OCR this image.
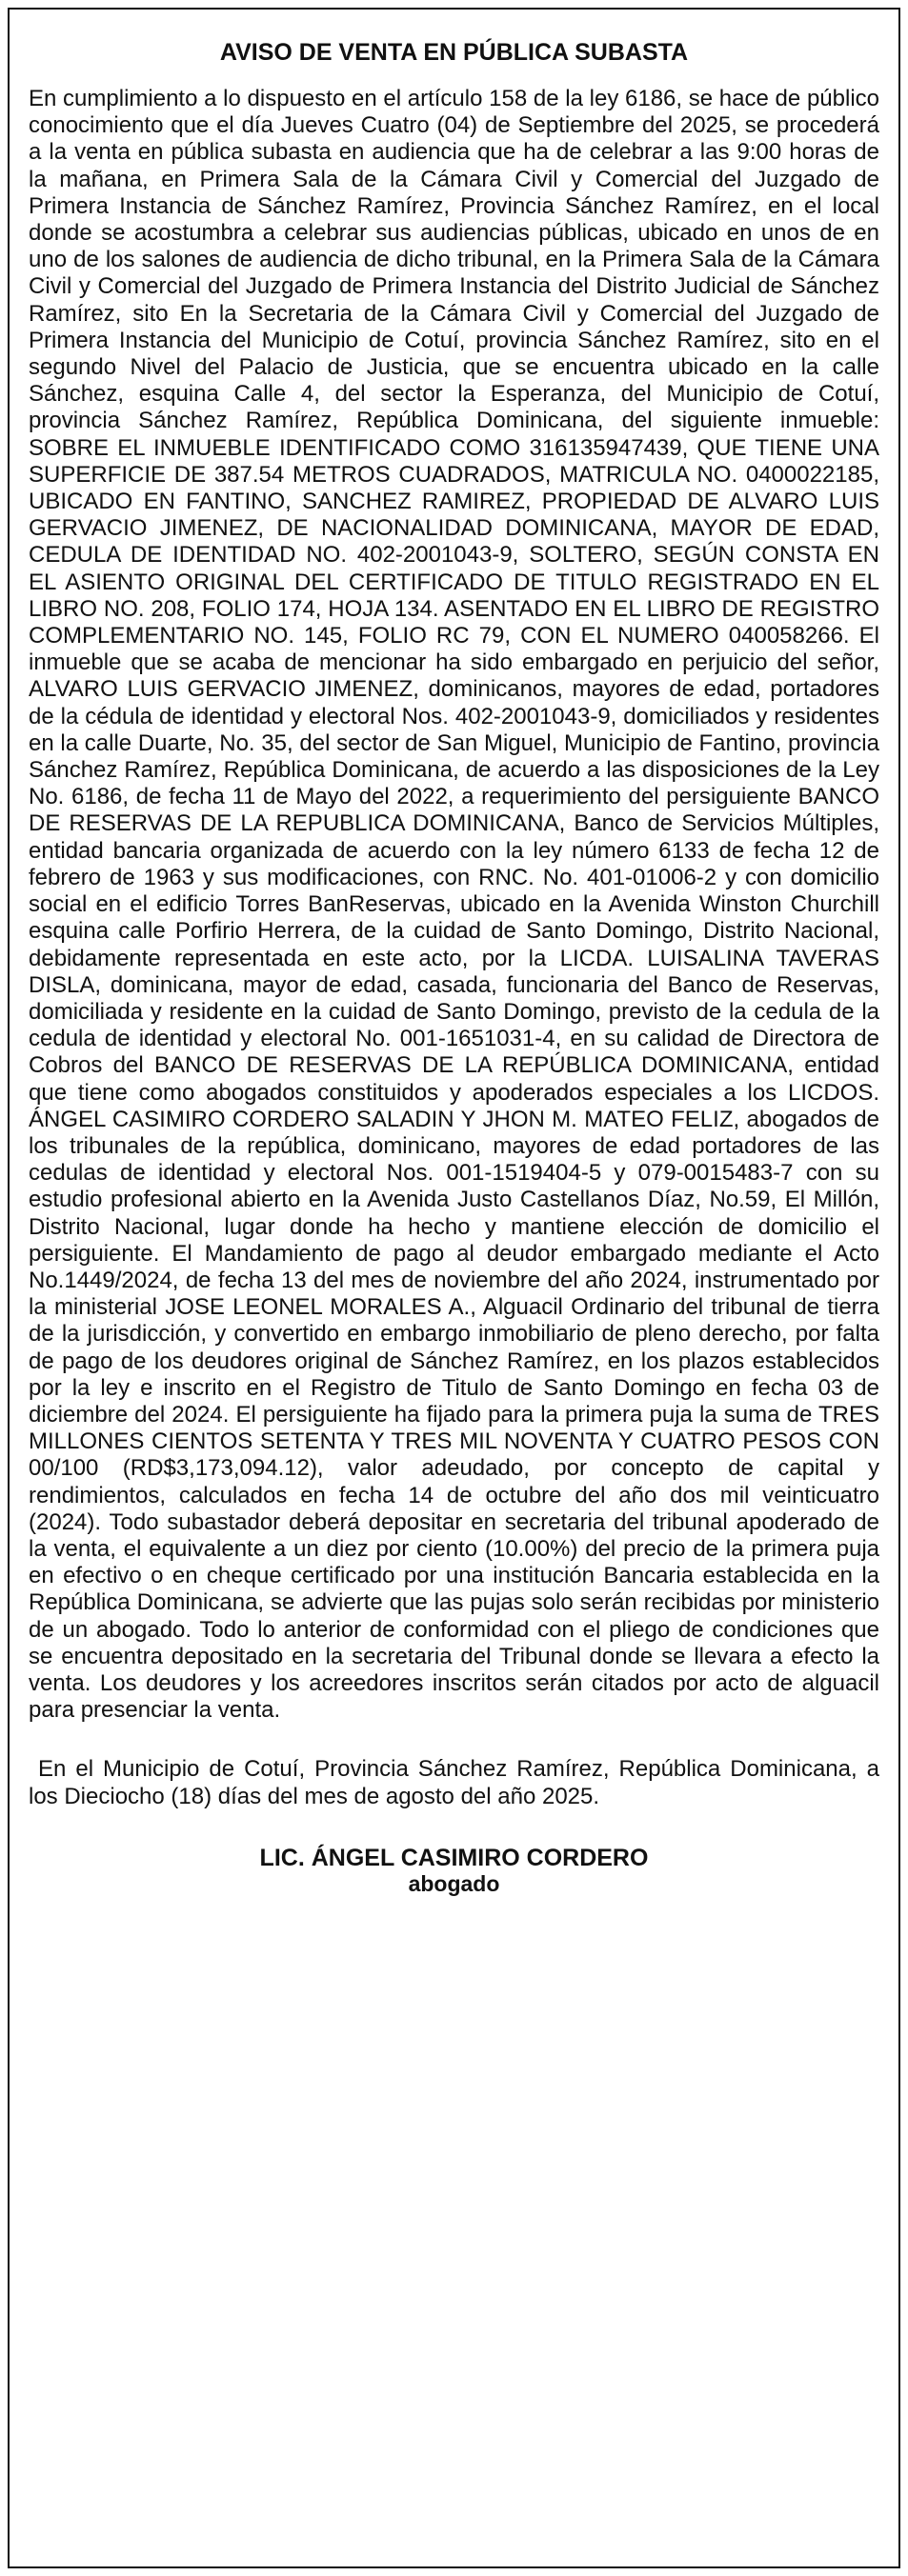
AVISO DE VENTA EN PÚBLICA SUBASTA

En cumplimiento a lo dispuesto en el artículo 158 de la ley 6186, se hace de público conocimiento que el día Jueves Cuatro (04) de Septiembre del 2025, se procederá a la venta en pública subasta en audiencia que ha de celebrar a las 9:00 horas de la mañana, en Primera Sala de la Cámara Civil y Comercial del Juzgado de Primera Instancia de Sánchez Ramírez, Provincia Sánchez Ramírez, en el local donde se acostumbra a celebrar sus audiencias públicas, ubicado en unos de en uno de los salones de audiencia de dicho tribunal, en la Primera Sala de la Cámara Civil y Comercial del Juzgado de Primera Instancia del Distrito Judicial de Sánchez Ramírez, sito En la Secretaria de la Cámara Civil y Comercial del Juzgado de Primera Instancia del Municipio de Cotuí, provincia Sánchez Ramírez, sito en el segundo Nivel del Palacio de Justicia, que se encuentra ubicado en la calle Sánchez, esquina Calle 4, del sector la Esperanza, del Municipio de Cotuí, provincia Sánchez Ramírez, República Dominicana, del siguiente inmueble: SOBRE EL INMUEBLE IDENTIFICADO COMO 316135947439, QUE TIENE UNA SUPERFICIE DE 387.54 METROS CUADRADOS, MATRICULA NO. 0400022185, UBICADO EN FANTINO, SANCHEZ RAMIREZ, PROPIEDAD DE ALVARO LUIS GERVACIO JIMENEZ, DE NACIONALIDAD DOMINICANA, MAYOR DE EDAD, CEDULA DE IDENTIDAD NO. 402-2001043-9, SOLTERO, SEGÚN CONSTA EN EL ASIENTO ORIGINAL DEL CERTIFICADO DE TITULO REGISTRADO EN EL LIBRO NO. 208, FOLIO 174, HOJA 134. ASENTADO EN EL LIBRO DE REGISTRO COMPLEMENTARIO NO. 145, FOLIO RC 79, CON EL NUMERO 040058266. El inmueble que se acaba de mencionar ha sido embargado en perjuicio del señor, ALVARO LUIS GERVACIO JIMENEZ, dominicanos, mayores de edad, portadores de la cédula de identidad y electoral Nos. 402-2001043-9, domiciliados y residentes en la calle Duarte, No. 35, del sector de San Miguel, Municipio de Fantino, provincia Sánchez Ramírez, República Dominicana, de acuerdo a las disposiciones de la Ley No. 6186, de fecha 11 de Mayo del 2022, a requerimiento del persiguiente BANCO DE RESERVAS DE LA REPUBLICA DOMINICANA, Banco de Servicios Múltiples, entidad bancaria organizada de acuerdo con la ley número 6133 de fecha 12 de febrero de 1963 y sus modificaciones, con RNC. No. 401-01006-2 y con domicilio social en el edificio Torres BanReservas, ubicado en la Avenida Winston Churchill esquina calle Porfirio Herrera, de la cuidad de Santo Domingo, Distrito Nacional, debidamente representada en este acto, por la LICDA. LUISALINA TAVERAS DISLA, dominicana, mayor de edad, casada, funcionaria del Banco de Reservas, domiciliada y residente en la cuidad de Santo Domingo, previsto de la cedula de la cedula de identidad y electoral No. 001-1651031-4, en su calidad de Directora de Cobros del BANCO DE RESERVAS DE LA REPÚBLICA DOMINICANA, entidad que tiene como abogados constituidos y apoderados especiales a los LICDOS. ÁNGEL CASIMIRO CORDERO SALADIN Y JHON M. MATEO FELIZ, abogados de los tribunales de la república, dominicano, mayores de edad portadores de las cedulas de identidad y electoral Nos. 001-1519404-5 y 079-0015483-7 con su estudio profesional abierto en la Avenida Justo Castellanos Díaz, No.59, El Millón, Distrito Nacional, lugar donde ha hecho y mantiene elección de domicilio el persiguiente. El Mandamiento de pago al deudor embargado mediante el Acto No.1449/2024, de fecha 13 del mes de noviembre del año 2024, instrumentado por la ministerial JOSE LEONEL MORALES A., Alguacil Ordinario del tribunal de tierra de la jurisdicción, y convertido en embargo inmobiliario de pleno derecho, por falta de pago de los deudores original de Sánchez Ramírez, en los plazos establecidos por la ley e inscrito en el Registro de Titulo de Santo Domingo en fecha 03 de diciembre del 2024. El persiguiente ha fijado para la primera puja la suma de TRES MILLONES CIENTOS SETENTA Y TRES MIL NOVENTA Y CUATRO PESOS CON 00/100 (RD$3,173,094.12), valor adeudado, por concepto de capital y rendimientos, calculados en fecha 14 de octubre del año dos mil veinticuatro (2024). Todo subastador deberá depositar en secretaria del tribunal apoderado de la venta, el equivalente a un diez por ciento (10.00%) del precio de la primera puja en efectivo o en cheque certificado por una institución Bancaria establecida en la República Dominicana, se advierte que las pujas solo serán recibidas por ministerio de un abogado. Todo lo anterior de conformidad con el pliego de condiciones que se encuentra depositado en la secretaria del Tribunal donde se llevara a efecto la venta. Los deudores y los acreedores inscritos serán citados por acto de alguacil para presenciar la venta.

En el Municipio de Cotuí, Provincia Sánchez Ramírez, República Dominicana, a los Dieciocho (18) días del mes de agosto del año 2025.

LIC. ÁNGEL CASIMIRO CORDERO
abogado
